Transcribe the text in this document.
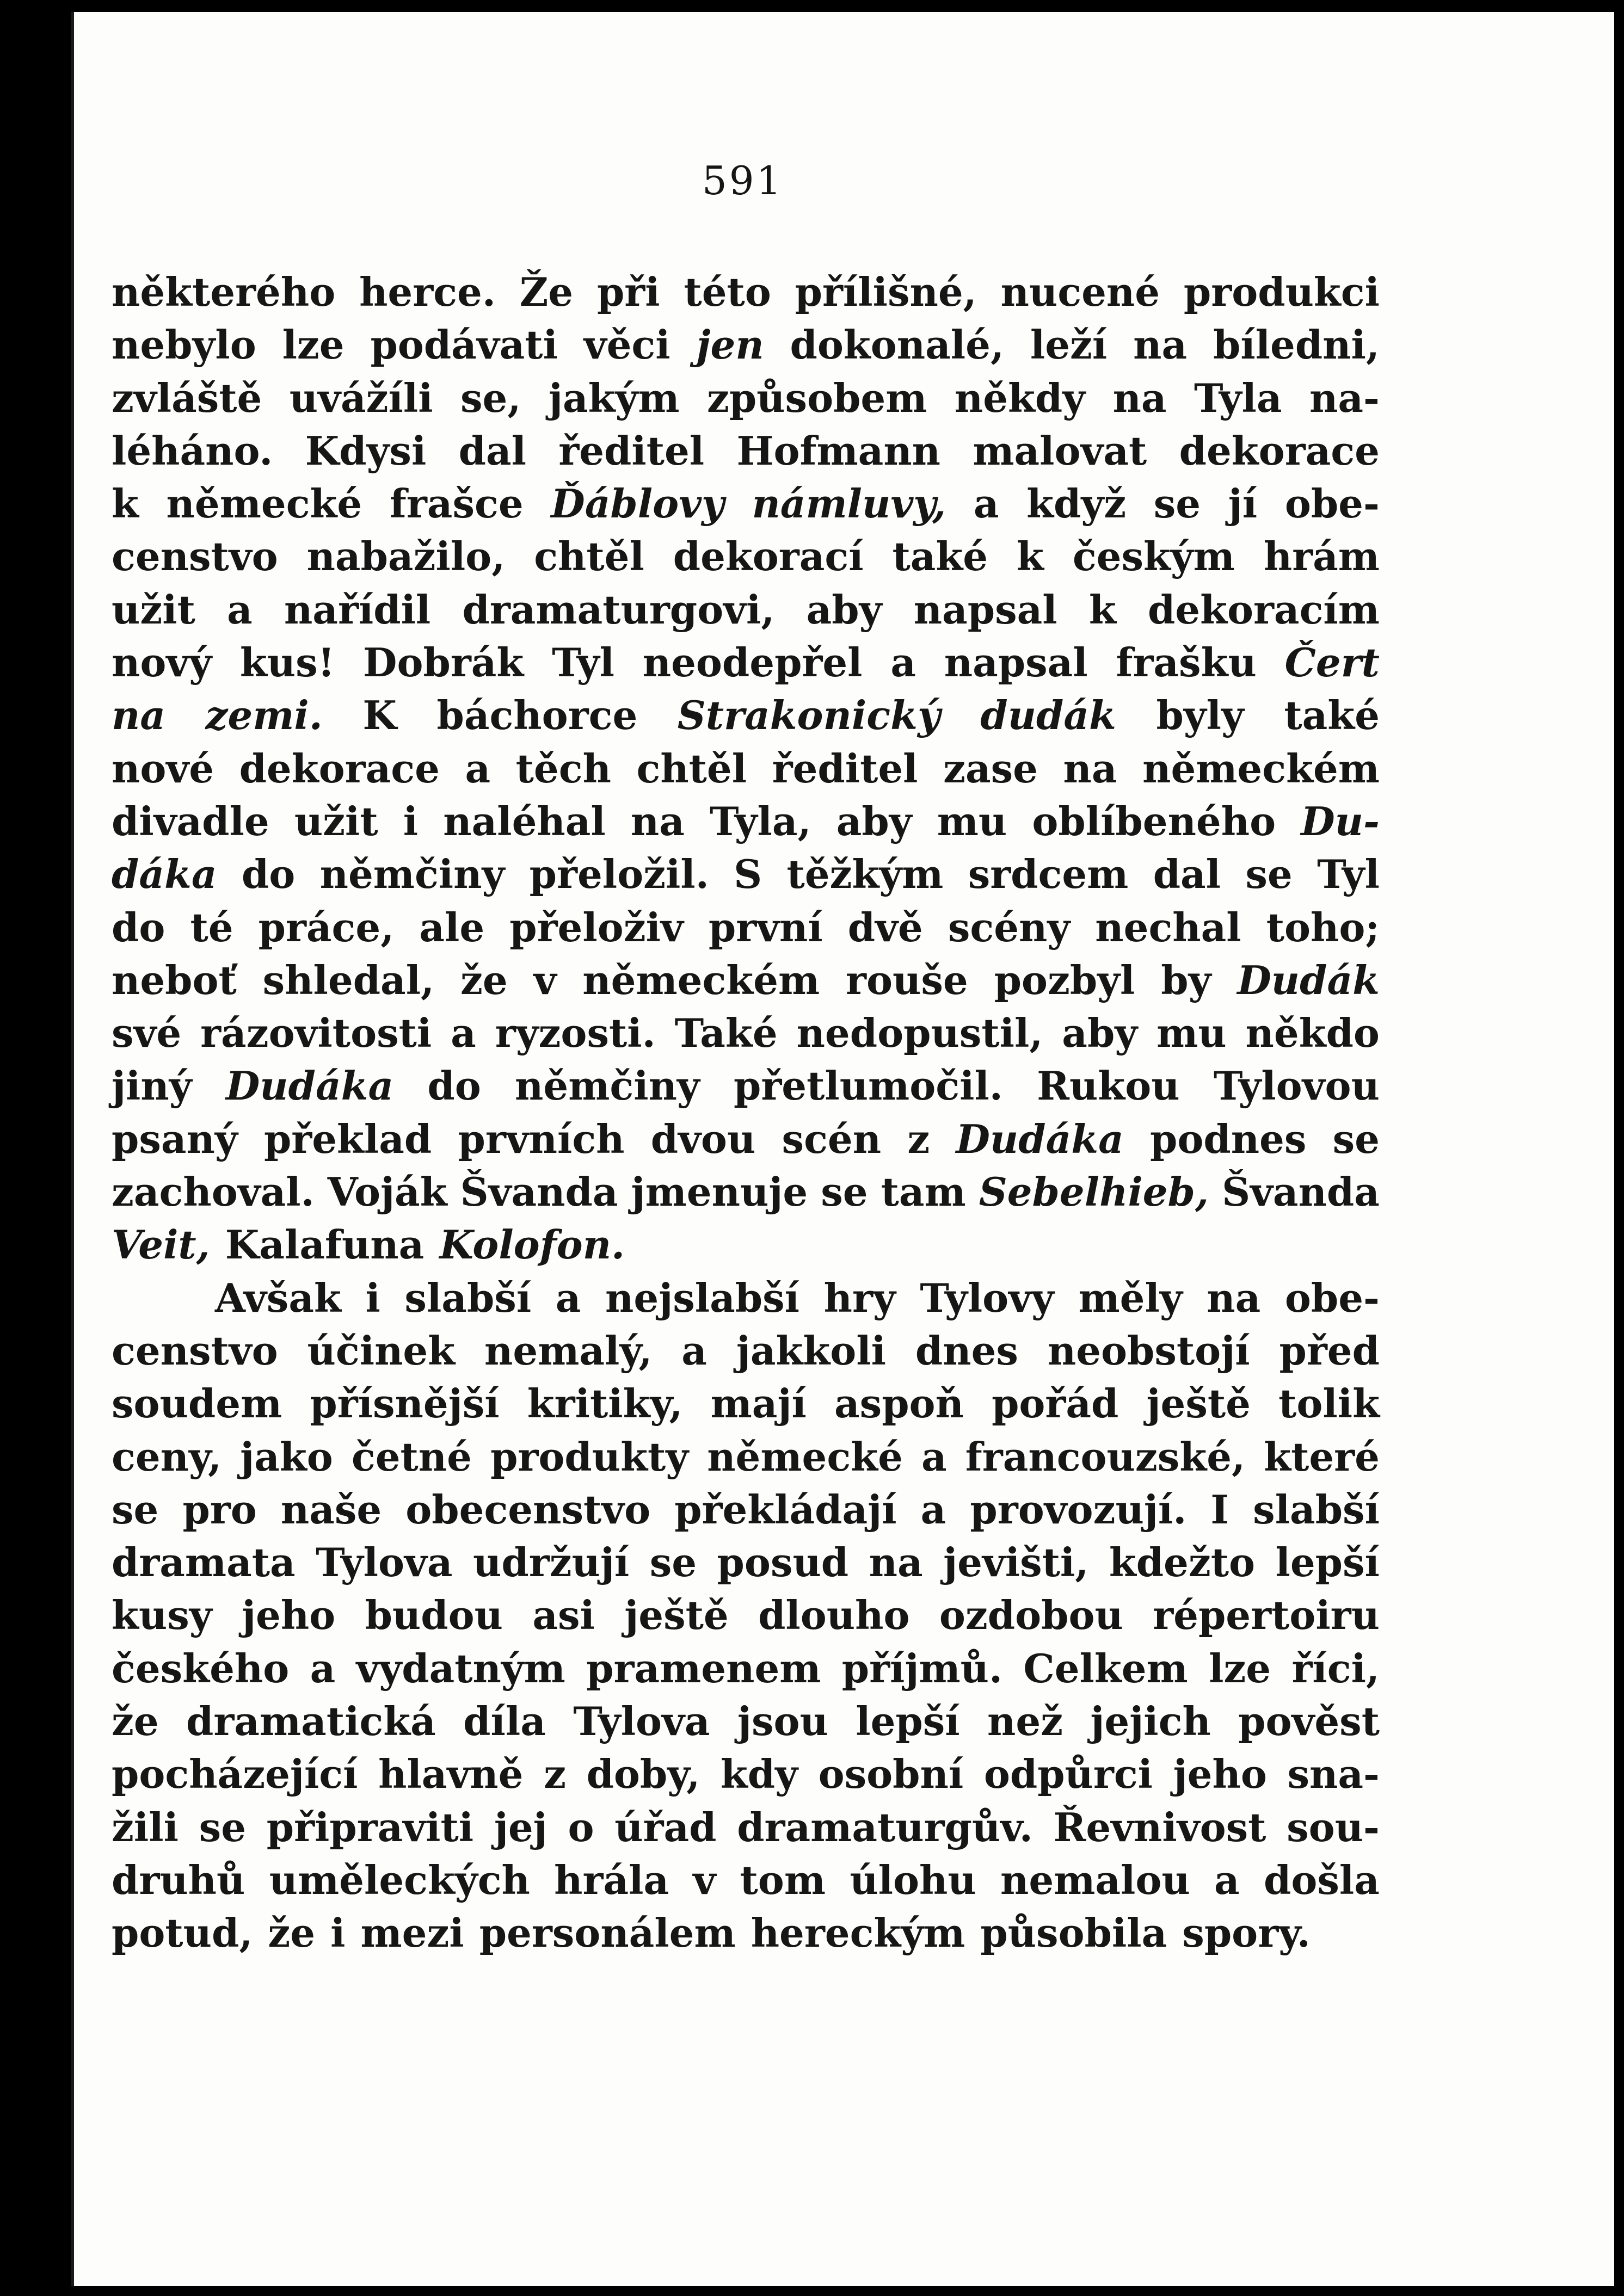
591
některého herce. Že při této přílišné, nucené produkci
nebylo lze podávati věci jen dokonalé, leží na bíledni,
zvláště uvážíli se, jakým způsobem někdy na Tyla na-
léháno. Kdysi dal ředitel Hofmann malovat dekorace
k německé frašce Ďáblovy námluvy, a když se jí obe-
censtvo nabažilo, chtěl dekorací také k českým hrám
užit a nařídil dramaturgovi, aby napsal k dekoracím
nový kus! Dobrák Tyl neodepřel a napsal frašku Čert
na zemi. K báchorce Strakonický dudák byly také
nové dekorace a těch chtěl ředitel zase na německém
divadle užit i naléhal na Tyla, aby mu oblíbeného Du-
dáka do němčiny přeložil. S těžkým srdcem dal se Tyl
do té práce, ale přeloživ první dvě scény nechal toho;
neboť shledal, že v německém rouše pozbyl by Dudák
své rázovitosti a ryzosti. Také nedopustil, aby mu někdo
jiný Dudáka do němčiny přetlumočil. Rukou Tylovou
psaný překlad prvních dvou scén z Dudáka podnes se
zachoval. Voják Švanda jmenuje se tam Sebelhieb, Švanda
Veit, Kalafuna Kolofon.
Avšak i slabší a nejslabší hry Tylovy měly na obe-
censtvo účinek nemalý, a jakkoli dnes neobstojí před
soudem přísnější kritiky, mají aspoň pořád ještě tolik
ceny, jako četné produkty německé a francouzské, které
se pro naše obecenstvo překládají a provozují. I slabší
dramata Tylova udržují se posud na jevišti, kdežto lepší
kusy jeho budou asi ještě dlouho ozdobou répertoiru
českého a vydatným pramenem příjmů. Celkem lze říci,
že dramatická díla Tylova jsou lepší než jejich pověst
pocházející hlavně z doby, kdy osobní odpůrci jeho sna-
žili se připraviti jej o úřad dramaturgův. Řevnivost sou-
druhů uměleckých hrála v tom úlohu nemalou a došla
potud, že i mezi personálem hereckým působila spory.
